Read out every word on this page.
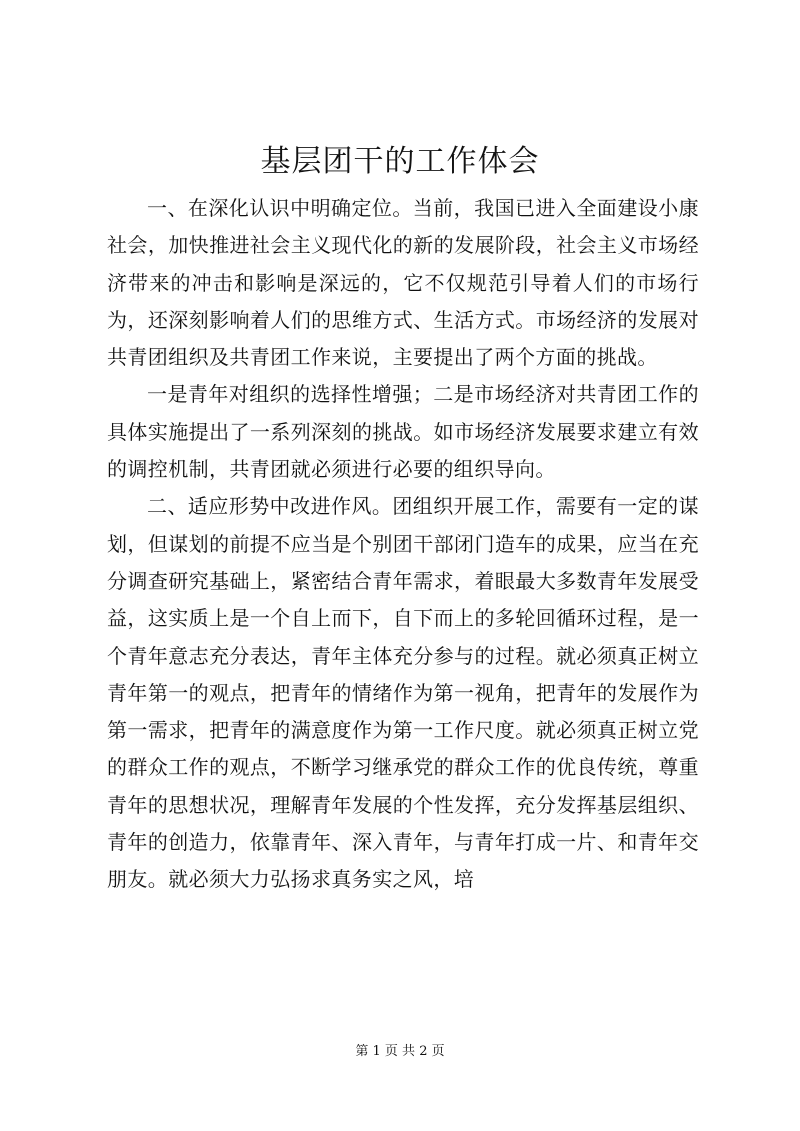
基层团干的工作体会

一、在深化认识中明确定位。当前，我国已进入全面建设小康社会，加快推进社会主义现代化的新的发展阶段，社会主义市场经济带来的冲击和影响是深远的，它不仅规范引导着人们的市场行为，还深刻影响着人们的思维方式、生活方式。市场经济的发展对共青团组织及共青团工作来说，主要提出了两个方面的挑战。

一是青年对组织的选择性增强；二是市场经济对共青团工作的具体实施提出了一系列深刻的挑战。如市场经济发展要求建立有效的调控机制，共青团就必须进行必要的组织导向。

二、适应形势中改进作风。团组织开展工作，需要有一定的谋划，但谋划的前提不应当是个别团干部闭门造车的成果，应当在充分调查研究基础上，紧密结合青年需求，着眼最大多数青年发展受益，这实质上是一个自上而下，自下而上的多轮回循环过程，是一个青年意志充分表达，青年主体充分参与的过程。就必须真正树立青年第一的观点，把青年的情绪作为第一视角，把青年的发展作为第一需求，把青年的满意度作为第一工作尺度。就必须真正树立党的群众工作的观点，不断学习继承党的群众工作的优良传统，尊重青年的思想状况，理解青年发展的个性发挥，充分发挥基层组织、青年的创造力，依靠青年、深入青年，与青年打成一片、和青年交朋友。就必须大力弘扬求真务实之风，培

第 1 页 共 2 页
